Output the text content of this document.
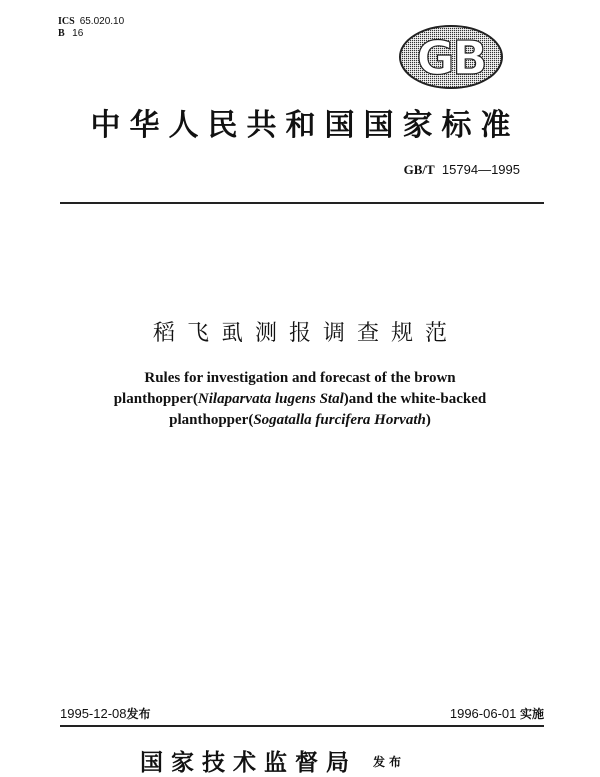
ICS 65.020.10
B 16	GB
中华人民共和国国家标准
GB/T 15794—1995
稻飞虱测报调查规范
Rules for investigation and forecast of the brown
planthopper(Nilaparvata lugens Stal)and the white-backed
planthopper(Sogatalla furcifera Horvath)
1995-12-08发布	1996-06-01 实施
国家技术监督局 发布
